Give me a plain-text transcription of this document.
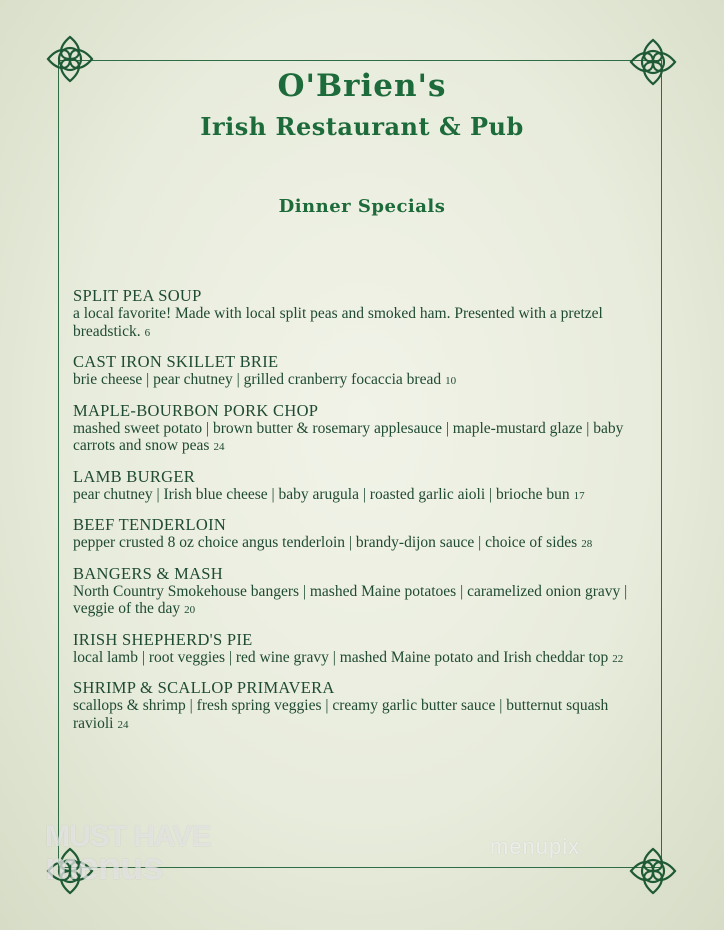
O'Brien's
Irish Restaurant & Pub
Dinner Specials
SPLIT PEA SOUP
a local favorite! Made with local split peas and smoked ham. Presented with a pretzel breadstick. 6
CAST IRON SKILLET BRIE
brie cheese | pear chutney | grilled cranberry focaccia bread 10
MAPLE-BOURBON PORK CHOP
mashed sweet potato | brown butter & rosemary applesauce | maple-mustard glaze | baby carrots and snow peas 24
LAMB BURGER
pear chutney | Irish blue cheese | baby arugula | roasted garlic aioli | brioche bun 17
BEEF TENDERLOIN
pepper crusted 8 oz choice angus tenderloin | brandy-dijon sauce | choice of sides 28
BANGERS & MASH
North Country Smokehouse bangers | mashed Maine potatoes | caramelized onion gravy | veggie of the day 20
IRISH SHEPHERD'S PIE
local lamb | root veggies | red wine gravy | mashed Maine potato and Irish cheddar top 22
SHRIMP & SCALLOP PRIMAVERA
scallops & shrimp | fresh spring veggies | creamy garlic butter sauce | butternut squash ravioli 24
MUST HAVE
menus	menupix
